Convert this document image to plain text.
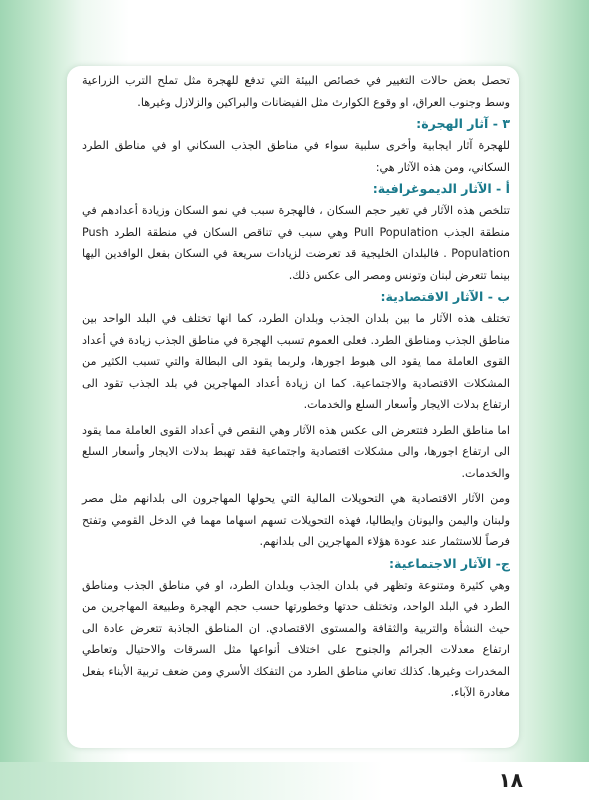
تحصل بعض حالات التغيير في خصائص البيئة التي تدفع للهجرة مثل تملح الترب الزراعية وسط وجنوب العراق، او وقوع الكوارث مثل الفيضانات والبراكين والزلازل وغيرها.

٣ - آثار الهجرة:

للهجرة آثار ايجابية وأخرى سلبية سواء في مناطق الجذب السكاني او في مناطق الطرد السكاني، ومن هذه الآثار هي:

أ - الآثار الديموغرافية:

تتلخص هذه الآثار في تغير حجم السكان ، فالهجرة سبب في نمو السكان وزيادة أعدادهم في منطقة الجذب Pull Population وهي سبب في تناقص السكان في منطقة الطرد Push Population . فالبلدان الخليجية قد تعرضت لزيادات سريعة في السكان بفعل الوافدين اليها بينما تتعرض لبنان وتونس ومصر الى عكس ذلك.

ب - الآثار الاقتصادية:

تختلف هذه الآثار ما بين بلدان الجذب وبلدان الطرد، كما انها تختلف في البلد الواحد بين مناطق الجذب ومناطق الطرد. فعلى العموم تسبب الهجرة في مناطق الجذب زيادة في أعداد القوى العاملة مما يقود الى هبوط اجورها، ولربما يقود الى البطالة والتي تسبب الكثير من المشكلات الاقتصادية والاجتماعية. كما ان زيادة أعداد المهاجرين في بلد الجذب تقود الى ارتفاع بدلات الايجار وأسعار السلع والخدمات.

اما مناطق الطرد فتتعرض الى عكس هذه الآثار وهي النقص في أعداد القوى العاملة مما يقود الى ارتفاع اجورها، والى مشكلات اقتصادية واجتماعية فقد تهبط بدلات الايجار وأسعار السلع والخدمات.

ومن الآثار الاقتصادية هي التحويلات المالية التي يحولها المهاجرون الى بلدانهم مثل مصر ولبنان واليمن واليونان وايطاليا، فهذه التحويلات تسهم اسهاما مهما في الدخل القومي وتفتح فرصاً للاستثمار عند عودة هؤلاء المهاجرين الى بلدانهم.

ج- الآثار الاجتماعية:

وهي كثيرة ومتنوعة وتظهر في بلدان الجذب وبلدان الطرد، او في مناطق الجذب ومناطق الطرد في البلد الواحد، وتختلف حدتها وخطورتها حسب حجم الهجرة وطبيعة المهاجرين من حيث النشأة والتربية والثقافة والمستوى الاقتصادي. ان المناطق الجاذبة تتعرض عادة الى ارتفاع معدلات الجرائم والجنوح على اختلاف أنواعها مثل السرقات والاحتيال وتعاطي المخدرات وغيرها. كذلك تعاني مناطق الطرد من التفكك الأسري ومن ضعف تربية الأبناء بفعل مغادرة الآباء.

١٨
